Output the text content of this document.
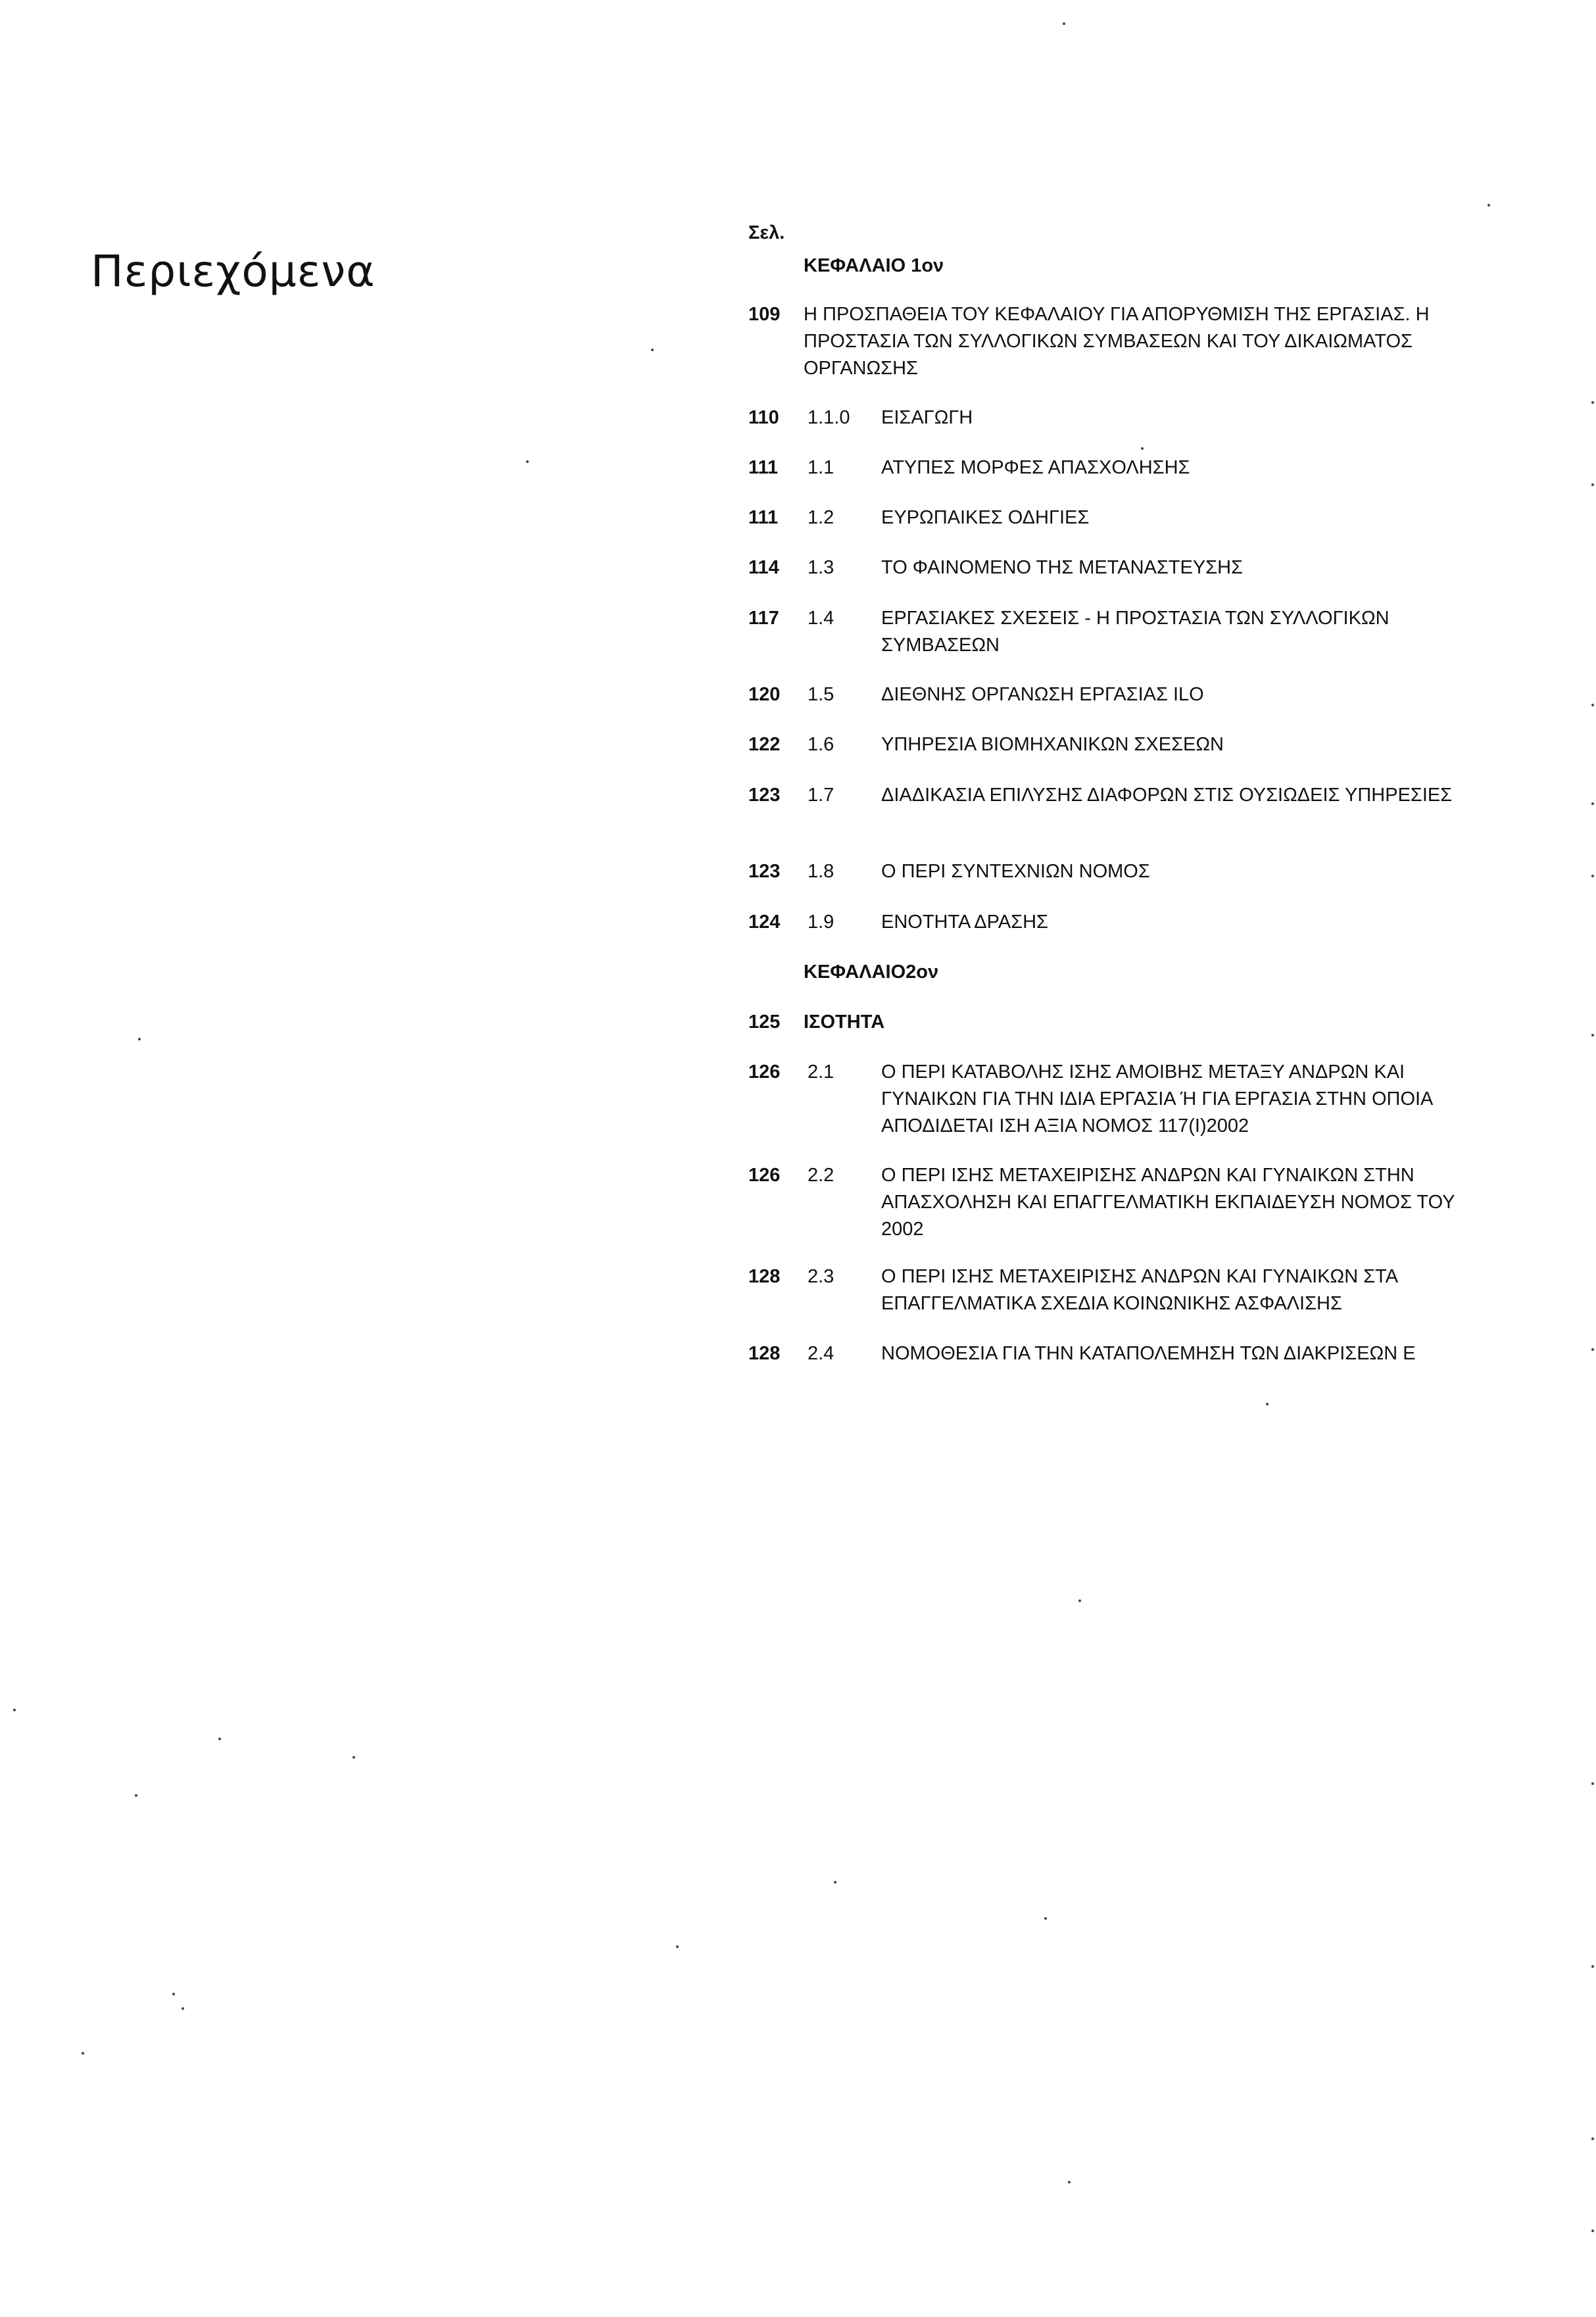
Περιεχόμενα
Σελ.
ΚΕΦΑΛΑΙΟ 1ον
109	Η ΠΡΟΣΠΑΘΕΙΑ ΤΟΥ ΚΕΦΑΛΑΙΟΥ ΓΙΑ ΑΠΟΡΥΘΜΙΣΗ ΤΗΣ ΕΡΓΑΣΙΑΣ. Η ΠΡΟΣΤΑΣΙΑ ΤΩΝ ΣΥΛΛΟΓΙΚΩΝ ΣΥΜΒΑΣΕΩΝ ΚΑΙ ΤΟΥ ΔΙΚΑΙΩΜΑΤΟΣ ΟΡΓΑΝΩΣΗΣ
110	1.1.0	ΕΙΣΑΓΩΓΗ
111	1.1	ΑΤΥΠΕΣ ΜΟΡΦΕΣ ΑΠΑΣΧΟΛΗΣΗΣ
111	1.2	ΕΥΡΩΠΑΙΚΕΣ ΟΔΗΓΙΕΣ
114	1.3	ΤΟ ΦΑΙΝΟΜΕΝΟ ΤΗΣ ΜΕΤΑΝΑΣΤΕΥΣΗΣ
117	1.4	ΕΡΓΑΣΙΑΚΕΣ ΣΧΕΣΕΙΣ - Η ΠΡΟΣΤΑΣΙΑ ΤΩΝ ΣΥΛΛΟΓΙΚΩΝ ΣΥΜΒΑΣΕΩΝ
120	1.5	ΔΙΕΘΝΗΣ ΟΡΓΑΝΩΣΗ ΕΡΓΑΣΙΑΣ ILO
122	1.6	ΥΠΗΡΕΣΙΑ ΒΙΟΜΗΧΑΝΙΚΩΝ ΣΧΕΣΕΩΝ
123	1.7	ΔΙΑΔΙΚΑΣΙΑ ΕΠΙΛΥΣΗΣ ΔΙΑΦΟΡΩΝ ΣΤΙΣ ΟΥΣΙΩΔΕΙΣ ΥΠΗΡΕΣΙΕΣ
123	1.8	Ο ΠΕΡΙ ΣΥΝΤΕΧΝΙΩΝ ΝΟΜΟΣ
124	1.9	ΕΝΟΤΗΤΑ ΔΡΑΣΗΣ
ΚΕΦΑΛΑΙΟ2ον
125	ΙΣΟΤΗΤΑ
126	2.1	Ο ΠΕΡΙ ΚΑΤΑΒΟΛΗΣ ΙΣΗΣ ΑΜΟΙΒΗΣ ΜΕΤΑΞΥ ΑΝΔΡΩΝ ΚΑΙ ΓΥΝΑΙΚΩΝ ΓΙΑ ΤΗΝ ΙΔΙΑ ΕΡΓΑΣΙΑ Ή ΓΙΑ ΕΡΓΑΣΙΑ ΣΤΗΝ ΟΠΟΙΑ ΑΠΟΔΙΔΕΤΑΙ ΙΣΗ ΑΞΙΑ ΝΟΜΟΣ 117(Ι)2002
126	2.2	Ο ΠΕΡΙ ΙΣΗΣ ΜΕΤΑΧΕΙΡΙΣΗΣ ΑΝΔΡΩΝ ΚΑΙ ΓΥΝΑΙΚΩΝ ΣΤΗΝ ΑΠΑΣΧΟΛΗΣΗ ΚΑΙ ΕΠΑΓΓΕΛΜΑΤΙΚΗ ΕΚΠΑΙΔΕΥΣΗ ΝΟΜΟΣ ΤΟΥ 2002
128	2.3	Ο ΠΕΡΙ ΙΣΗΣ ΜΕΤΑΧΕΙΡΙΣΗΣ ΑΝΔΡΩΝ ΚΑΙ ΓΥΝΑΙΚΩΝ ΣΤΑ ΕΠΑΓΓΕΛΜΑΤΙΚΑ ΣΧΕΔΙΑ ΚΟΙΝΩΝΙΚΗΣ ΑΣΦΑΛΙΣΗΣ
128	2.4	ΝΟΜΟΘΕΣΙΑ ΓΙΑ ΤΗΝ ΚΑΤΑΠΟΛΕΜΗΣΗ ΤΩΝ ΔΙΑΚΡΙΣΕΩΝ Ε
